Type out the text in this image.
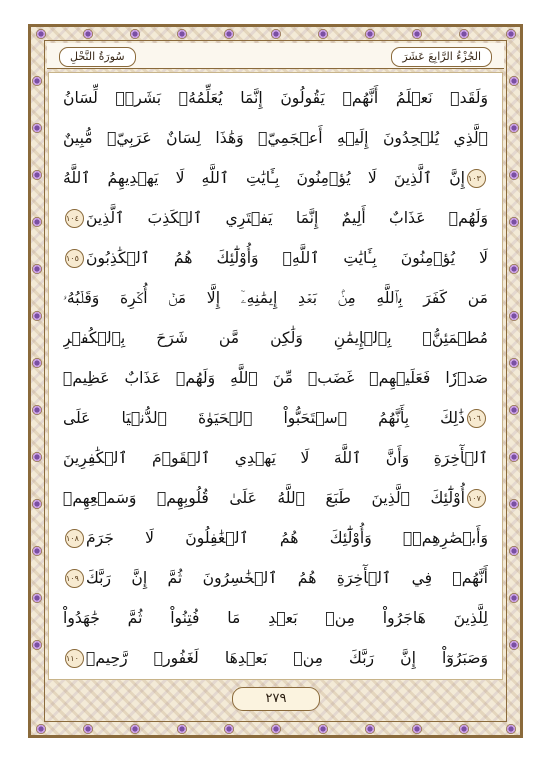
سُورَةُ النَّحْلِ	الجُزْءُ الرَّابِعَ عَشَرَ
وَلَقَدۡ نَعۡلَمُ أَنَّهُمۡ يَقُولُونَ إِنَّمَا يُعَلِّمُهُۥ بَشَرٞۗ لِّسَانُ
ٱلَّذِي يُلۡحِدُونَ إِلَيۡهِ أَعۡجَمِيّٞ وَهَٰذَا لِسَانٌ عَرَبِيّٞ مُّبِينٌ
١٠٣إِنَّ ٱلَّذِينَ لَا يُؤۡمِنُونَ بِـَٔايَٰتِ ٱللَّهِ لَا يَهۡدِيهِمُ ٱللَّهُ
وَلَهُمۡ عَذَابٌ أَلِيمٌ إِنَّمَا يَفۡتَرِي ٱلۡكَذِبَ ٱلَّذِينَ١٠٤
لَا يُؤۡمِنُونَ بِـَٔايَٰتِ ٱللَّهِۖ وَأُوْلَٰٓئِكَ هُمُ ٱلۡكَٰذِبُونَ١٠٥
مَن كَفَرَ بِٱللَّهِ مِنۢ بَعۡدِ إِيمَٰنِهِۦٓ إِلَّا مَنۡ أُكۡرِهَ وَقَلۡبُهُۥ
مُطۡمَئِنُّۢ بِٱلۡإِيمَٰنِ وَلَٰكِن مَّن شَرَحَ بِٱلۡكُفۡرِ
صَدۡرٗا فَعَلَيۡهِمۡ غَضَبٞ مِّنَ ٱللَّهِ وَلَهُمۡ عَذَابٌ عَظِيمٞ
١٠٦ذَٰلِكَ بِأَنَّهُمُ ٱسۡتَحَبُّواْ ٱلۡحَيَوٰةَ ٱلدُّنۡيَا عَلَى
ٱلۡأٓخِرَةِ وَأَنَّ ٱللَّهَ لَا يَهۡدِي ٱلۡقَوۡمَ ٱلۡكَٰفِرِينَ
١٠٧أُوْلَٰٓئِكَ ٱلَّذِينَ طَبَعَ ٱللَّهُ عَلَىٰ قُلُوبِهِمۡ وَسَمۡعِهِمۡ
وَأَبۡصَٰرِهِمۡۖ وَأُوْلَٰٓئِكَ هُمُ ٱلۡغَٰفِلُونَ لَا جَرَمَ١٠٨
أَنَّهُمۡ فِي ٱلۡأٓخِرَةِ هُمُ ٱلۡخَٰسِرُونَ ثُمَّ إِنَّ رَبَّكَ١٠٩
لِلَّذِينَ هَاجَرُواْ مِنۢ بَعۡدِ مَا فُتِنُواْ ثُمَّ جَٰهَدُواْ
وَصَبَرُوٓاْ إِنَّ رَبَّكَ مِنۢ بَعۡدِهَا لَغَفُورٞ رَّحِيمٞ١١٠
٢٧٩
